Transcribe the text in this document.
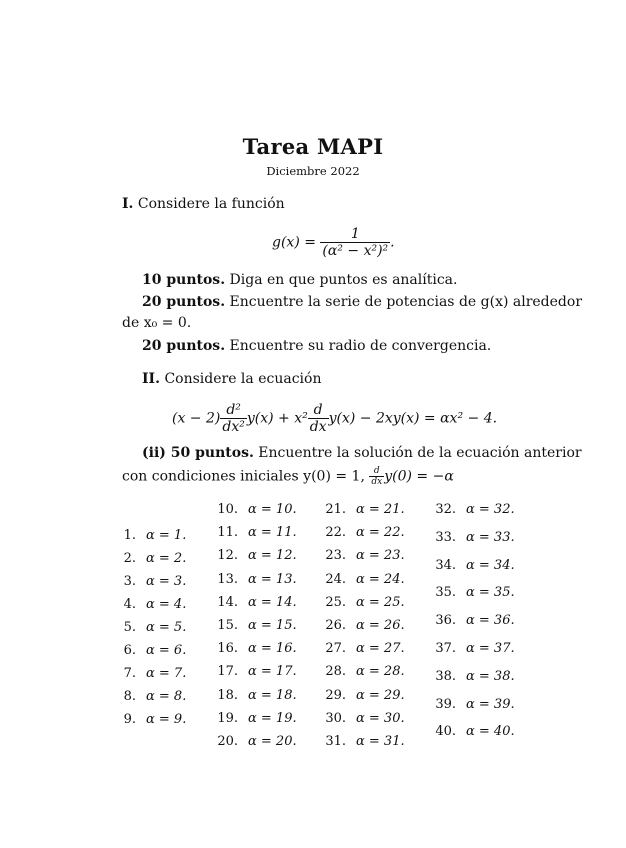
Tarea MAPI
Diciembre 2022
I. Considere la función
$g(x) = \frac{1}{\text{(α² − x²)²}}$ .
10 puntos. Diga en que puntos es analítica.
20 puntos. Encuentre la serie de potencias de g(x) alrededor
de x₀ = 0.
20 puntos. Encuentre su radio de convergencia.
II. Considere la ecuación
$(x - 2) \frac{\text{d²}}{\text{dx²}} y(x) + x^2 \frac{d}{dx} y(x) - 2xy(x) = \alpha x^2 - 4$.
(ii) 50 puntos. Encuentre la solución de la ecuación anterior
con condiciones iniciales y(0) = 1, $\frac{d}{dx} y(0) = -\alpha$
1. α = 1.
2. α = 2.
3. α = 3.
4. α = 4.
5. α = 5.
6. α = 6.
7. α = 7.
8. α = 8.
9. α = 9.
10. α = 10.
11. α = 11.
12. α = 12.
13. α = 13.
14. α = 14.
15. α = 15.
16. α = 16.
17. α = 17.
18. α = 18.
19. α = 19.
20. α = 20.
21. α = 21.
22. α = 22.
23. α = 23.
24. α = 24.
25. α = 25.
26. α = 26.
27. α = 27.
28. α = 28.
29. α = 29.
30. α = 30.
31. α = 31.
32. α = 32.
33. α = 33.
34. α = 34.
35. α = 35.
36. α = 36.
37. α = 37.
38. α = 38.
39. α = 39.
40. α = 40.
